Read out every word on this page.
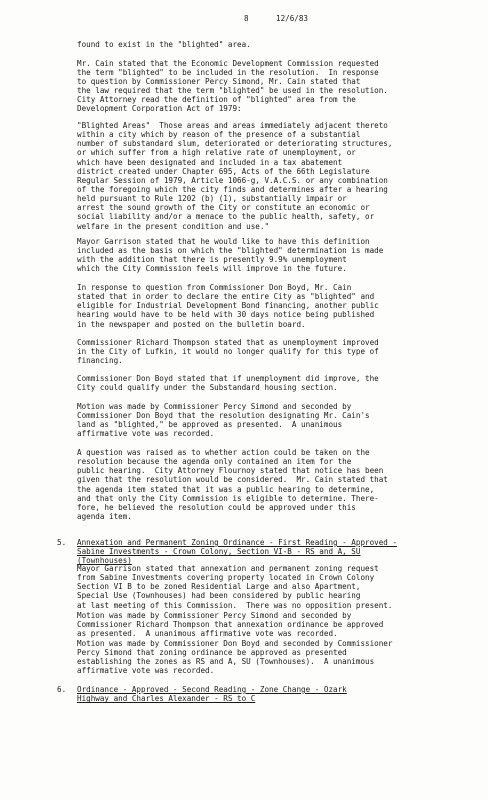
8	12/6/83
found to exist in the "blighted" area.
Mr. Cain stated that the Economic Development Commission requested
the term "blighted" to be included in the resolution.  In response
to question by Commissioner Percy Simond, Mr. Cain stated that
the law required that the term "blighted" be used in the resolution.
City Attorney read the definition of "blighted" area from the
Development Corporation Act of 1979:
"Blighted Areas"  Those areas and areas immediately adjacent thereto
within a city which by reason of the presence of a substantial
number of substandard slum, deteriorated or deteriorating structures,
or which suffer from a high relative rate of unemployment, or
which have been designated and included in a tax abatement
district created under Chapter 695, Acts of the 66th Legislature
Regular Session of 1979, Article 1066-g, V.A.C.S. or any combination
of the foregoing which the city finds and determines after a hearing
held pursuant to Rule 1202 (b) (1), substantially impair or
arrest the sound growth of the City or constitute an economic or
social liability and/or a menace to the public health, safety, or
welfare in the present condition and use."
Mayor Garrison stated that he would like to have this definition
included as the basis on which the "blighted" determination is made
with the addition that there is presently 9.9% unemployment
which the City Commission feels will improve in the future.
In response to question from Commissioner Don Boyd, Mr. Cain
stated that in order to declare the entire City as "blighted" and
eligible for Industrial Development Bond financing, another public
hearing would have to be held with 30 days notice being published
in the newspaper and posted on the bulletin board.
Commissioner Richard Thompson stated that as unemployment improved
in the City of Lufkin, it would no longer qualify for this type of
financing.
Commissioner Don Boyd stated that if unemployment did improve, the
City could qualify under the Substandard housing section.
Motion was made by Commissioner Percy Simond and seconded by
Commissioner Don Boyd that the resolution designating Mr. Cain's
land as "blighted," be approved as presented.  A unanimous
affirmative vote was recorded.
A question was raised as to whether action could be taken on the
resolution because the agenda only contained an item for the
public hearing.  City Attorney Flournoy stated that notice has been
given that the resolution would be considered.  Mr. Cain stated that
the agenda item stated that it was a public hearing to determine,
and that only the City Commission is eligible to determine. There-
fore, he believed the resolution could be approved under this
agenda item.
5. Annexation and Permanent Zoning Ordinance - First Reading - Approved -
Sabine Investments - Crown Colony, Section VI-B - RS and A, SU
(Townhouses)
Mayor Garrison stated that annexation and permanent zoning request
from Sabine Investments covering property located in Crown Colony
Section VI B to be zoned Residential Large and also Apartment,
Special Use (Townhouses) had been considered by public hearing
at last meeting of this Commission.  There was no opposition present.
Motion was made by Commissioner Percy Simond and seconded by
Commissioner Richard Thompson that annexation ordinance be approved
as presented.  A unanimous affirmative vote was recorded.
Motion was made by Commissioner Don Boyd and seconded by Commissioner
Percy Simond that zoning ordinance be approved as presented
establishing the zones as RS and A, SU (Townhouses).  A unanimous
affirmative vote was recorded.
6. Ordinance - Approved - Second Reading - Zone Change - Ozark
Highway and Charles Alexander - RS to C
